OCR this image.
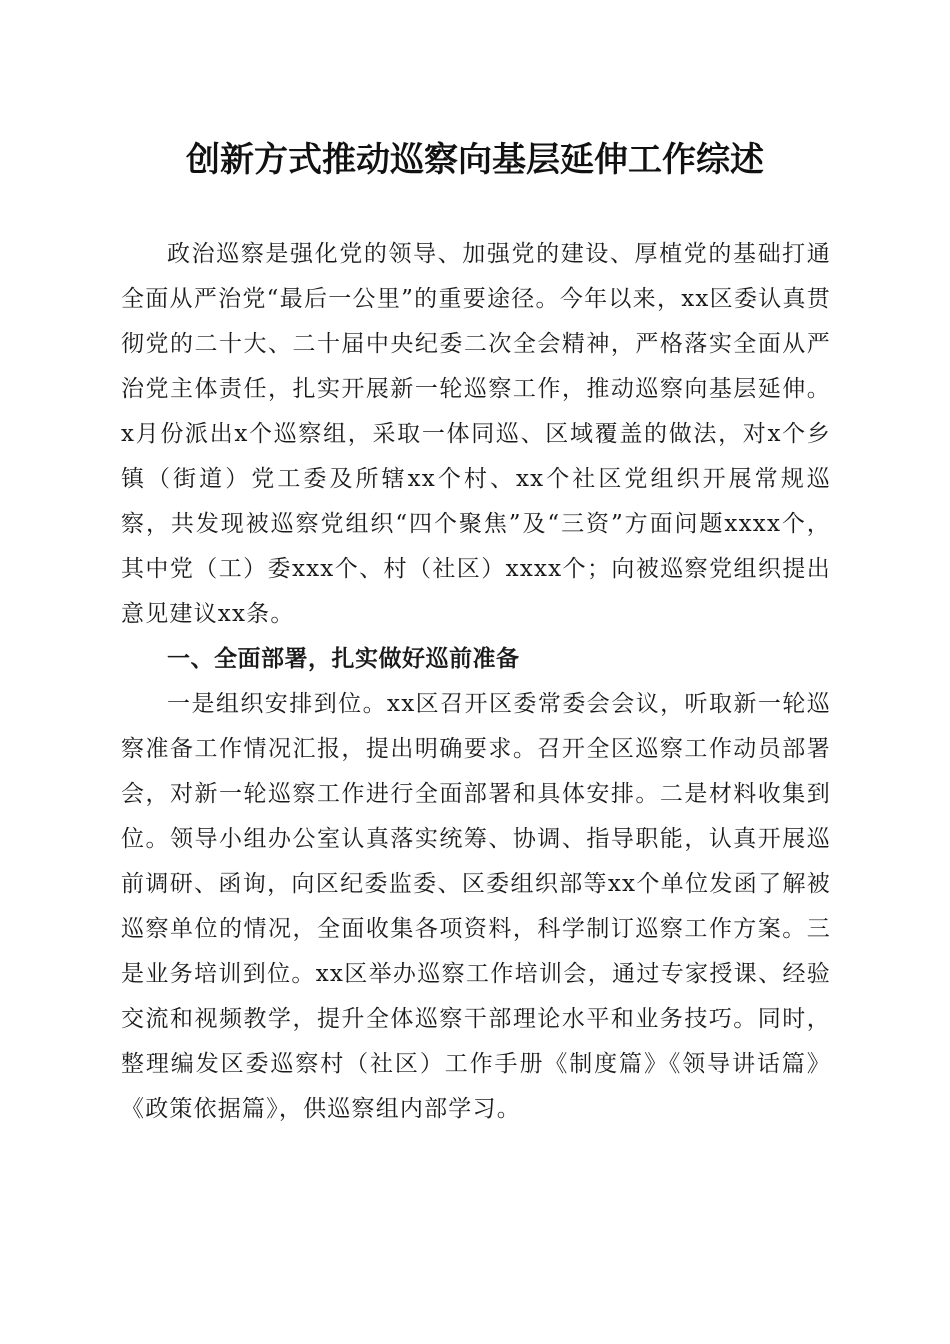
创新方式推动巡察向基层延伸工作综述

政治巡察是强化党的领导、加强党的建设、厚植党的基础打通全面从严治党“最后一公里”的重要途径。今年以来，xx区委认真贯彻党的二十大、二十届中央纪委二次全会精神，严格落实全面从严治党主体责任，扎实开展新一轮巡察工作，推动巡察向基层延伸。x月份派出x个巡察组，采取一体同巡、区域覆盖的做法，对x个乡镇（街道）党工委及所辖xx个村、xx个社区党组织开展常规巡察，共发现被巡察党组织“四个聚焦”及“三资”方面问题xxxx个，其中党（工）委xxx个、村（社区）xxxx个；向被巡察党组织提出意见建议xx条。

一、全面部署，扎实做好巡前准备

一是组织安排到位。xx区召开区委常委会会议，听取新一轮巡察准备工作情况汇报，提出明确要求。召开全区巡察工作动员部署会，对新一轮巡察工作进行全面部署和具体安排。二是材料收集到位。领导小组办公室认真落实统筹、协调、指导职能，认真开展巡前调研、函询，向区纪委监委、区委组织部等xx个单位发函了解被巡察单位的情况，全面收集各项资料，科学制订巡察工作方案。三是业务培训到位。xx区举办巡察工作培训会，通过专家授课、经验交流和视频教学，提升全体巡察干部理论水平和业务技巧。同时，整理编发区委巡察村（社区）工作手册《制度篇》《领导讲话篇》《政策依据篇》，供巡察组内部学习。
